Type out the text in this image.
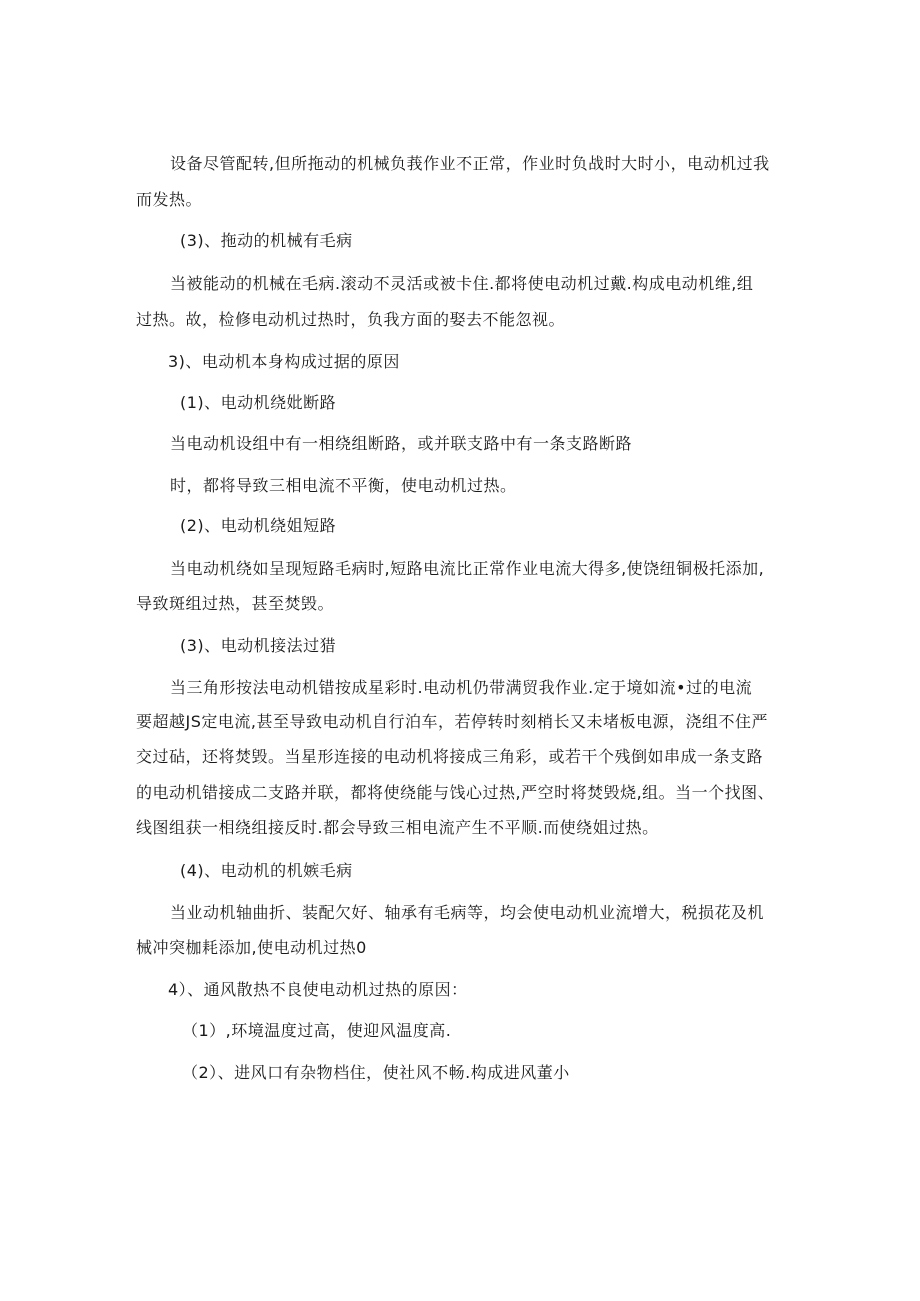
设备尽管配转,但所拖动的机械负莪作业不正常，作业时负战时大时小，电动机过我
而发热。
(3)、拖动的机械有毛病
当被能动的机械在毛病.滚动不灵活或被卡住.都将使电动机过戴.构成电动机维,组
过热。故，检修电动机过热时，负我方面的娶去不能忽视。
3)、电动机本身构成过据的原因
(1)、电动机绕妣断路
当电动机设组中有一相绕组断路，或并联支路中有一条支路断路
时，都将导致三相电流不平衡，使电动机过热。
(2)、电动机绕姐短路
当电动机绕如呈现短路毛病时,短路电流比正常作业电流大得多,使饶纽铜极托添加,
导致斑组过热，甚至焚毁。
(3)、电动机接法过猎
当三角形按法电动机错按成星彩时.电动机仍带满贸我作业.定于境如流•过的电流
要超越JS定电流,甚至导致电动机自行泊车，若停转时刻梢长又未堵板电源，浇组不住严
交过砧，还将焚毁。当星形连接的电动机将接成三角彩，或若干个残倒如串成一条支路
的电动机错接成二支路并联，都将使绕能与饯心过热,严空时将焚毁烧,组。当一个找图、
线图组获一相绕组接反时.都会导致三相电流产生不平顺.而使绕姐过热。
(4)、电动机的机嫉毛病
当业动机轴曲折、装配欠好、轴承有毛病等，均会使电动机业流增大，税损花及机
械冲突枷耗添加,使电动机过热0
4）、通风散热不良使电动机过热的原因：
（1）,环境温度过高，使迎风温度高.
（2）、进风口有杂物档住，使社风不畅.构成进风董小
